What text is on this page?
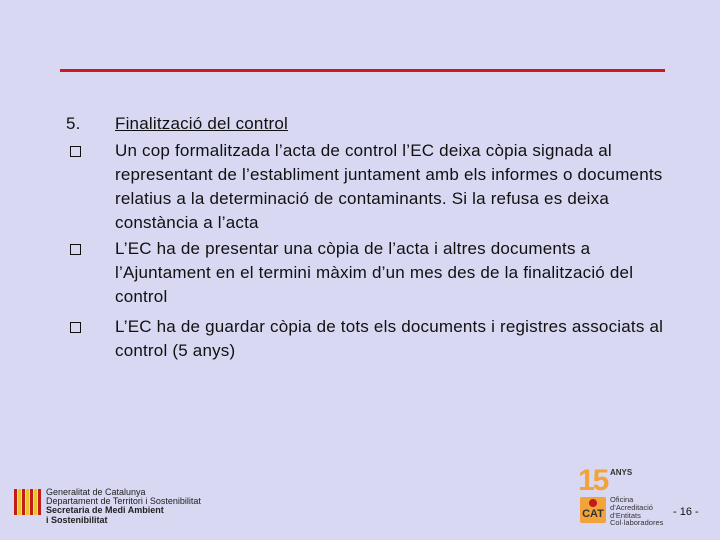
5.	Finalització del control
Un cop formalitzada l’acta de control l’EC deixa còpia signada al representant de l’establiment juntament amb els informes o documents relatius a la determinació de contaminants. Si la refusa es deixa constància a l’acta
L’EC ha de presentar una còpia de l’acta i altres documents a l’Ajuntament en el termini màxim d’un mes des de la finalització del control
L’EC ha de guardar còpia de tots els documents i registres associats al control (5 anys)
Generalitat de Catalunya
Departament de Territori i Sostenibilitat
Secretaria de Medi Ambient
i Sostenibilitat
15 ANYS
CAT
Oficina
d’Acreditació
d’Entitats
Col·laboradores
- 16 -
